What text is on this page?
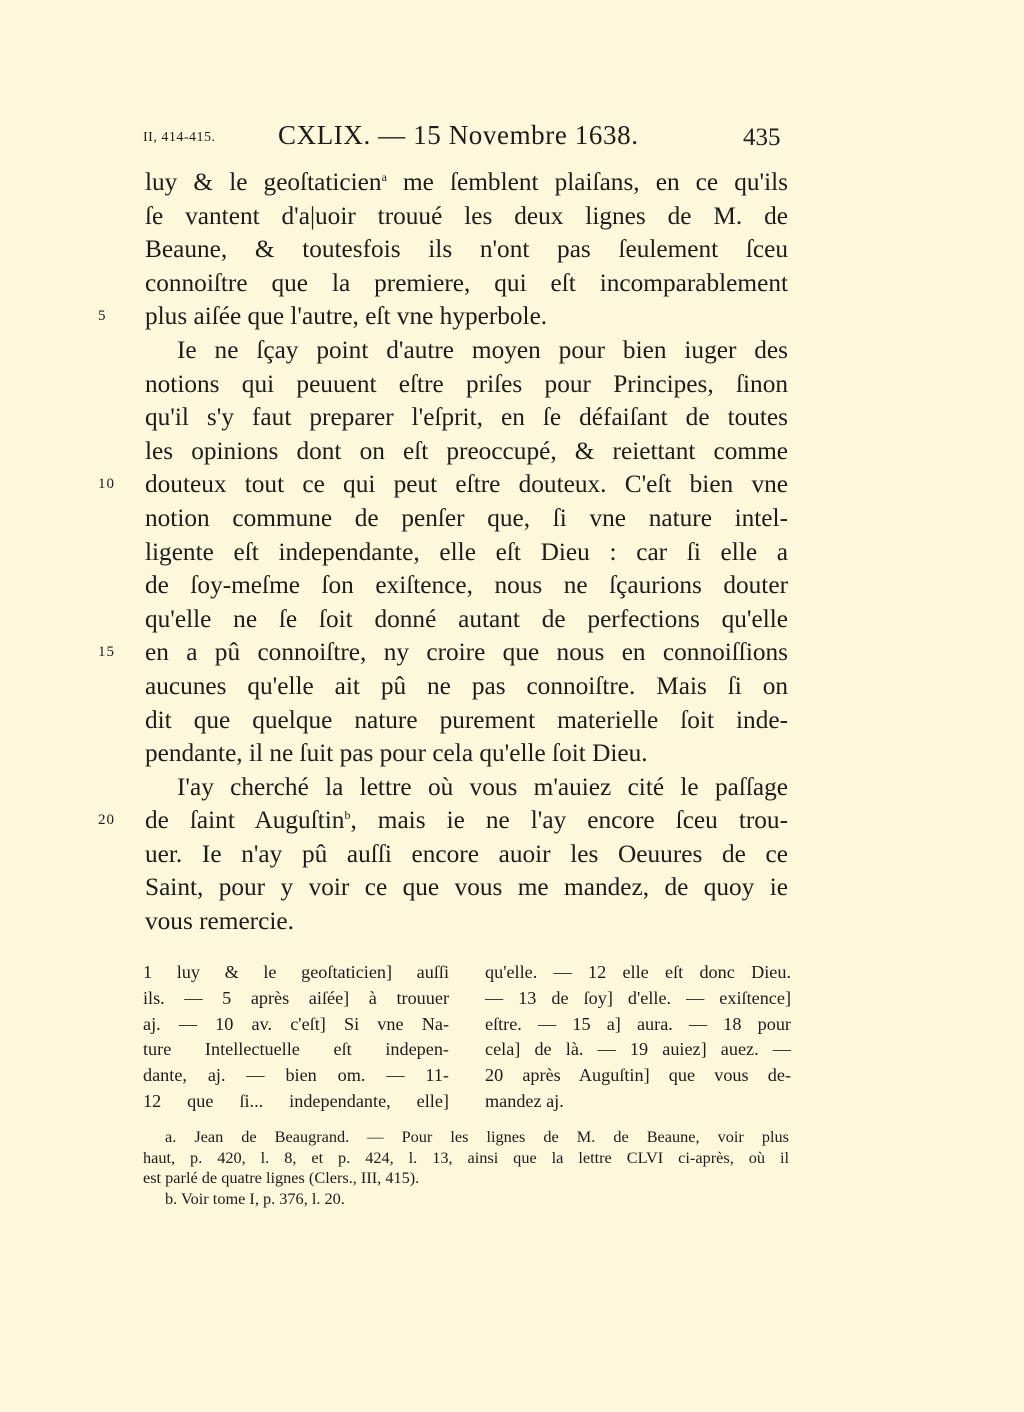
II, 414-415. CXLIX. — 15 Novembre 1638.	435
luy & le geoſtaticien$^a$ me ſemblent plaiſans, en ce qu'ils
ſe vantent d'a|uoir trouué les deux lignes de M. de
Beaune, & toutesfois ils n'ont pas ſeulement ſceu
connoiſtre que la premiere, qui eſt incomparablement
5	plus aiſée que l'autre, eſt vne hyperbole.
Ie ne ſçay point d'autre moyen pour bien iuger des
notions qui peuuent eſtre priſes pour Principes, ſinon
qu'il s'y faut preparer l'eſprit, en ſe défaiſant de toutes
les opinions dont on eſt preoccupé, & reiettant comme
10	douteux tout ce qui peut eſtre douteux. C'eſt bien vne
notion commune de penſer que, ſi vne nature intel-
ligente eſt independante, elle eſt Dieu : car ſi elle a
de ſoy-meſme ſon exiſtence, nous ne ſçaurions douter
qu'elle ne ſe ſoit donné autant de perfections qu'elle
15	en a pû connoiſtre, ny croire que nous en connoiſſions
aucunes qu'elle ait pû ne pas connoiſtre. Mais ſi on
dit que quelque nature purement materielle ſoit inde-
pendante, il ne ſuit pas pour cela qu'elle ſoit Dieu.
I'ay cherché la lettre où vous m'auiez cité le paſſage
20	de ſaint Auguſtin$^b$, mais ie ne l'ay encore ſceu trou-
uer. Ie n'ay pû auſſi encore auoir les Oeuures de ce
Saint, pour y voir ce que vous me mandez, de quoy ie
vous remercie.
1 luy & le geoſtaticien] auſſi
ils. — 5 après aiſée] à trouuer
aj. — 10 av. c'eſt] Si vne Na-
ture Intellectuelle eſt indepen-
dante, aj. — bien om. — 11-
12 que ſi... independante, elle]
qu'elle. — 12 elle eſt donc Dieu.
— 13 de ſoy] d'elle. — exiſtence]
eſtre. — 15 a] aura. — 18 pour
cela] de là. — 19 auiez] auez. —
20 après Auguſtin] que vous de-
mandez aj.
a. Jean de Beaugrand. — Pour les lignes de M. de Beaune, voir plus
haut, p. 420, l. 8, et p. 424, l. 13, ainsi que la lettre CLVI ci-après, où il
est parlé de quatre lignes (Clers., III, 415).
b. Voir tome I, p. 376, l. 20.
